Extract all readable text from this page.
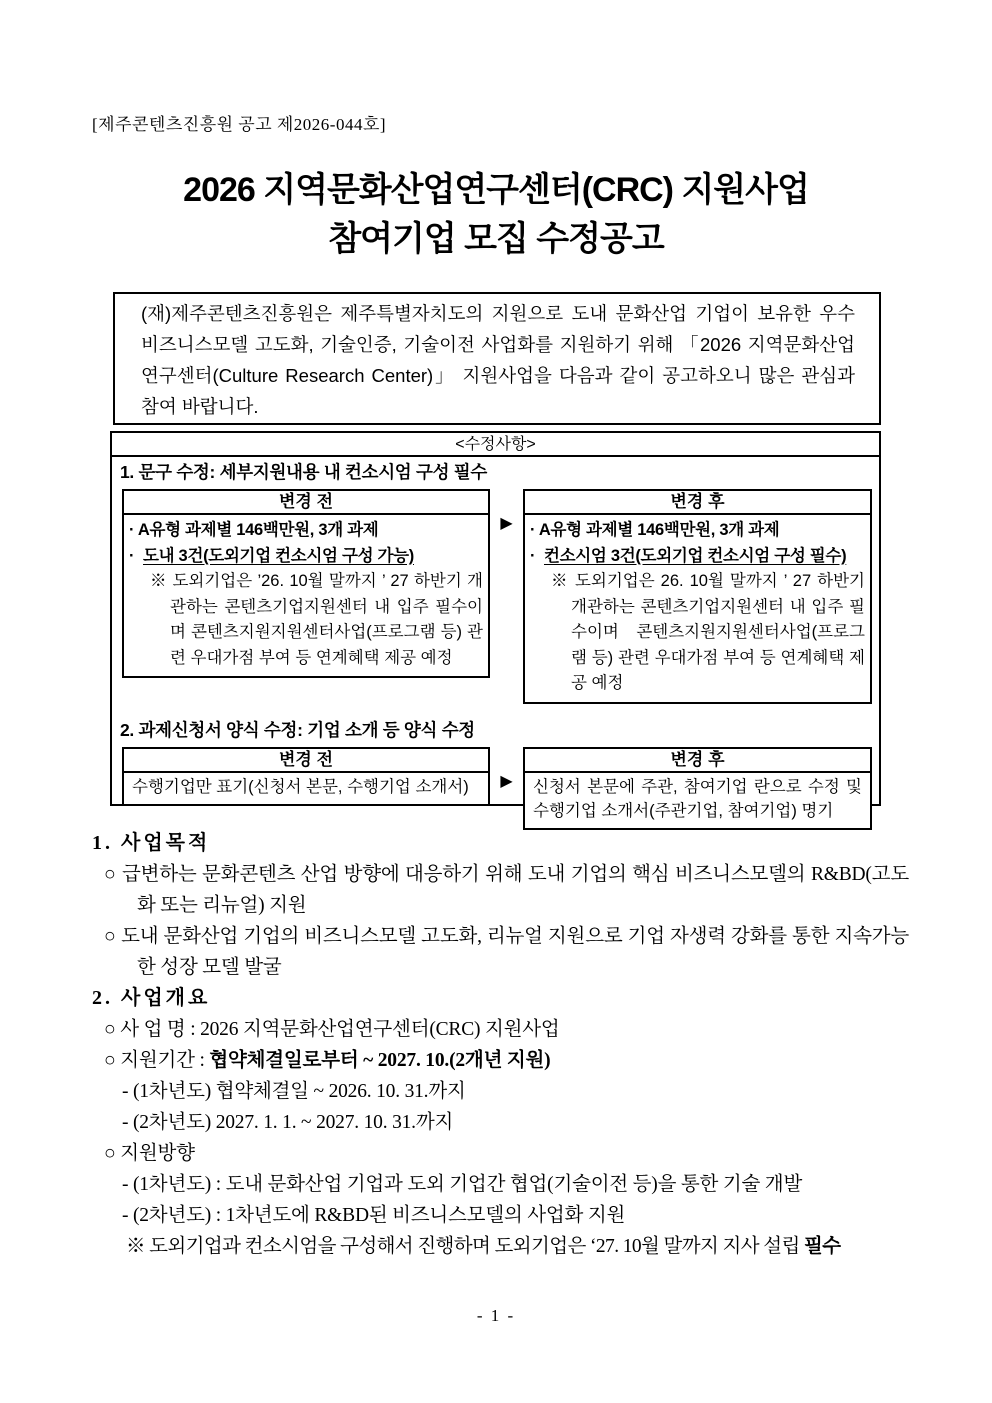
[제주콘텐츠진흥원 공고 제2026-044호]
2026 지역문화산업연구센터(CRC) 지원사업
참여기업 모집 수정공고
(재)제주콘텐츠진흥원은 제주특별자치도의 지원으로 도내 문화산업 기업이 보유한 우수 비즈니스모델 고도화, 기술인증, 기술이전 사업화를 지원하기 위해 「2026 지역문화산업 연구센터(Culture Research Center)」 지원사업을 다음과 같이 공고하오니 많은 관심과 참여 바랍니다.
<수정사항>
1. 문구 수정: 세부지원내용 내 컨소시엄 구성 필수
변경 전
· A유형 과제별 146백만원, 3개 과제
· 도내 3건(도외기업 컨소시엄 구성 가능)
※ 도외기업은 ’26. 10월 말까지 ’ 27 하반기 개관하는 콘텐츠기업지원센터 내 입주 필수이며 콘텐츠지원지원센터사업(프로그램 등) 관련 우대가점 부여 등 연계혜택 제공 예정
▶
변경 후
· A유형 과제별 146백만원, 3개 과제
· 컨소시엄 3건(도외기업 컨소시엄 구성 필수)
※ 도외기업은 26. 10월 말까지 ’ 27 하반기 개관하는 콘텐츠기업지원센터 내 입주 필수이며 콘텐츠지원지원센터사업(프로그램 등) 관련 우대가점 부여 등 연계혜택 제공 예정
2. 과제신청서 양식 수정: 기업 소개 등 양식 수정
변경 전
수행기업만 표기(신청서 본문, 수행기업 소개서)	▶
변경 후
신청서 본문에 주관, 참여기업 란으로 수정 및 수행기업 소개서(주관기업, 참여기업) 명기
1. 사업목적
○ 급변하는 문화콘텐츠 산업 방향에 대응하기 위해 도내 기업의 핵심 비즈니스모델의 R&BD(고도화 또는 리뉴얼) 지원
○ 도내 문화산업 기업의 비즈니스모델 고도화, 리뉴얼 지원으로 기업 자생력 강화를 통한 지속가능한 성장 모델 발굴
2. 사업개요
○ 사 업 명 : 2026 지역문화산업연구센터(CRC) 지원사업
○ 지원기간 : 협약체결일로부터 ~ 2027. 10.(2개년 지원)
- (1차년도) 협약체결일 ~ 2026. 10. 31.까지
- (2차년도) 2027. 1. 1. ~ 2027. 10. 31.까지
○ 지원방향
- (1차년도) : 도내 문화산업 기업과 도외 기업간 협업(기술이전 등)을 통한 기술 개발
- (2차년도) : 1차년도에 R&BD된 비즈니스모델의 사업화 지원
※ 도외기업과 컨소시엄을 구성해서 진행하며 도외기업은 ‘27. 10월 말까지 지사 설립 필수
- 1 -
